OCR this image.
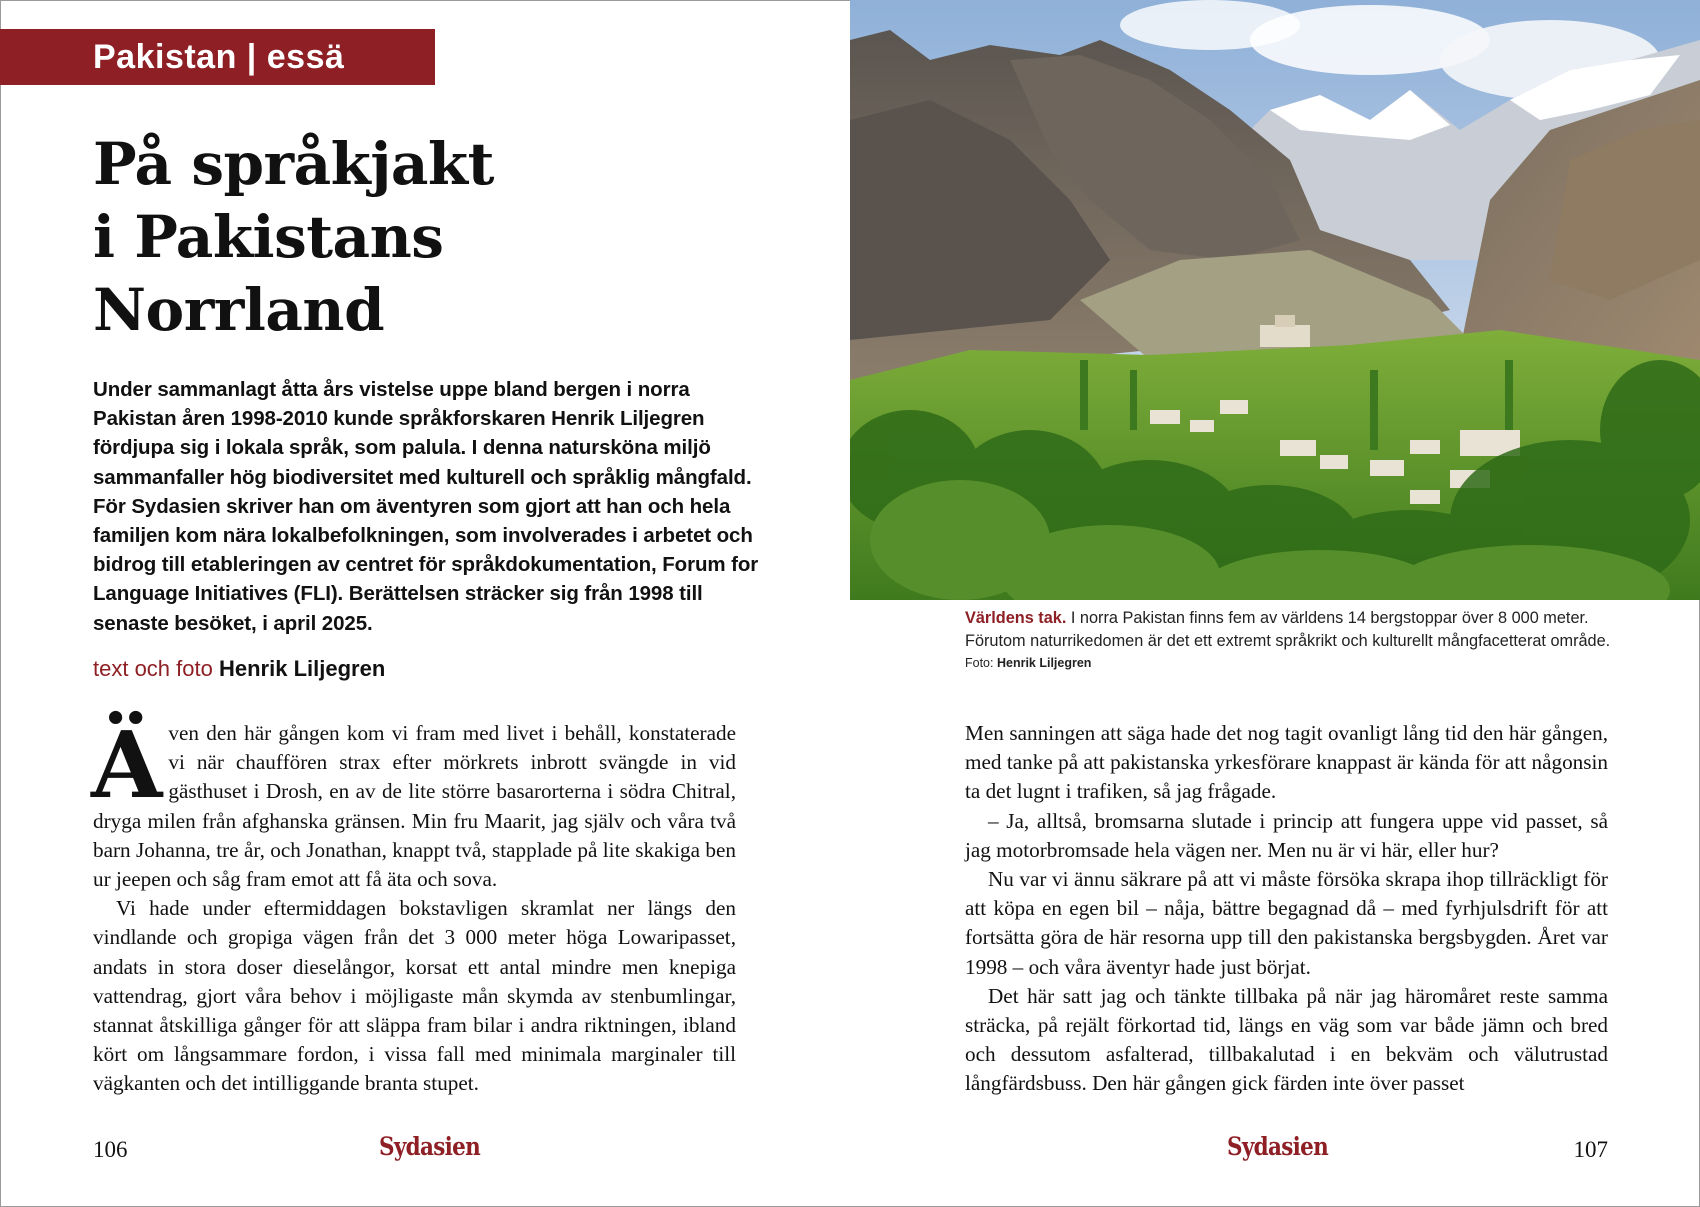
Pakistan | essä
På språkjakt
i Pakistans
Norrland

Under sammanlagt åtta års vistelse uppe bland bergen i norra Pakistan åren 1998-2010 kunde språkforskaren Henrik Liljegren fördjupa sig i lokala språk, som palula. I denna natursköna miljö sammanfaller hög biodiversitet med kulturell och språklig mångfald. För Sydasien skriver han om äventyren som gjort att han och hela familjen kom nära lokalbefolkningen, som involverades i arbetet och bidrog till etableringen av centret för språkdokumentation, Forum for Language Initiatives (FLI). Berättelsen sträcker sig från 1998 till senaste besöket, i april 2025.

text och foto Henrik Liljegren

Även den här gången kom vi fram med livet i behåll, konstaterade vi när chauffören strax efter mörkrets inbrott svängde in vid gästhuset i Drosh, en av de lite större basarorterna i södra Chitral, dryga milen från afghanska gränsen. Min fru Maarit, jag själv och våra två barn Johanna, tre år, och Jonathan, knappt två, stapplade på lite skakiga ben ur jeepen och såg fram emot att få äta och sova.

Vi hade under eftermiddagen bokstavligen skramlat ner längs den vindlande och gropiga vägen från det 3 000 meter höga Lowaripasset, andats in stora doser dieselångor, korsat ett antal mindre men knepiga vattendrag, gjort våra behov i möjligaste mån skymda av stenbumlingar, stannat åtskilliga gånger för att släppa fram bilar i andra riktningen, ibland kört om långsammare fordon, i vissa fall med minimala marginaler till vägkanten och det intilliggande branta stupet.

106	Sydasien

Världens tak. I norra Pakistan finns fem av världens 14 bergstoppar över 8 000 meter. Förutom naturrikedomen är det ett extremt språkrikt och kulturellt mångfacetterat område.

Foto: Henrik Liljegren

Men sanningen att säga hade det nog tagit ovanligt lång tid den här gången, med tanke på att pakistanska yrkesförare knappast är kända för att någonsin ta det lugnt i trafiken, så jag frågade.

– Ja, alltså, bromsarna slutade i princip att fungera uppe vid passet, så jag motorbromsade hela vägen ner. Men nu är vi här, eller hur?

Nu var vi ännu säkrare på att vi måste försöka skrapa ihop tillräckligt för att köpa en egen bil – nåja, bättre begagnad då – med fyrhjulsdrift för att fortsätta göra de här resorna upp till den pakistanska bergsbygden. Året var 1998 – och våra äventyr hade just börjat.

Det här satt jag och tänkte tillbaka på när jag häromåret reste samma sträcka, på rejält förkortad tid, längs en väg som var både jämn och bred och dessutom asfalterad, tillbakalutad i en bekväm och välutrustad långfärdsbuss. Den här gången gick färden inte över passet

Sydasien	107
